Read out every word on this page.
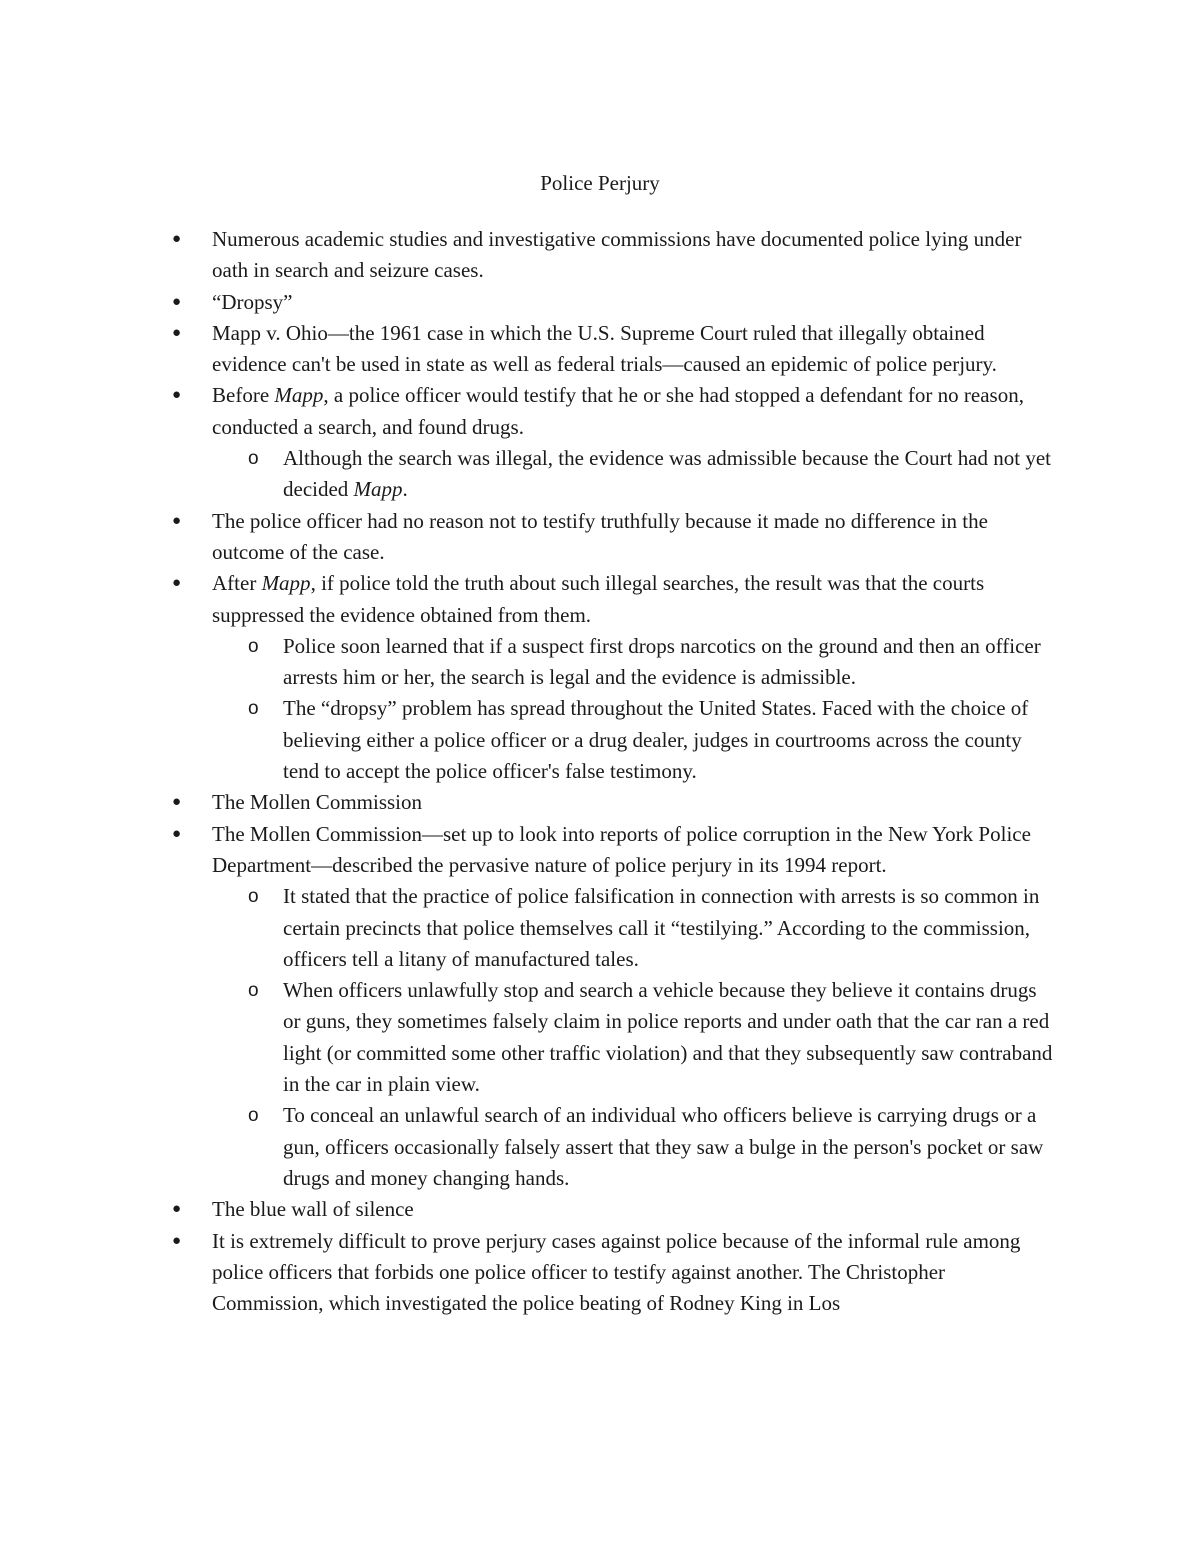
Police Perjury
● Numerous academic studies and investigative commissions have documented police lying under oath in search and seizure cases.
● “Dropsy”
● Mapp v. Ohio—the 1961 case in which the U.S. Supreme Court ruled that illegally obtained evidence can't be used in state as well as federal trials—caused an epidemic of police perjury.
● Before Mapp, a police officer would testify that he or she had stopped a defendant for no reason, conducted a search, and found drugs.
o Although the search was illegal, the evidence was admissible because the Court had not yet decided Mapp.
● The police officer had no reason not to testify truthfully because it made no difference in the outcome of the case.
● After Mapp, if police told the truth about such illegal searches, the result was that the courts suppressed the evidence obtained from them.
o Police soon learned that if a suspect first drops narcotics on the ground and then an officer arrests him or her, the search is legal and the evidence is admissible.
o The “dropsy” problem has spread throughout the United States. Faced with the choice of believing either a police officer or a drug dealer, judges in courtrooms across the county tend to accept the police officer's false testimony.
● The Mollen Commission
● The Mollen Commission—set up to look into reports of police corruption in the New York Police Department—described the pervasive nature of police perjury in its 1994 report.
o It stated that the practice of police falsification in connection with arrests is so common in certain precincts that police themselves call it “testilying.” According to the commission, officers tell a litany of manufactured tales.
o When officers unlawfully stop and search a vehicle because they believe it contains drugs or guns, they sometimes falsely claim in police reports and under oath that the car ran a red light (or committed some other traffic violation) and that they subsequently saw contraband in the car in plain view.
o To conceal an unlawful search of an individual who officers believe is carrying drugs or a gun, officers occasionally falsely assert that they saw a bulge in the person's pocket or saw drugs and money changing hands.
● The blue wall of silence
● It is extremely difficult to prove perjury cases against police because of the informal rule among police officers that forbids one police officer to testify against another. The Christopher Commission, which investigated the police beating of Rodney King in Los
